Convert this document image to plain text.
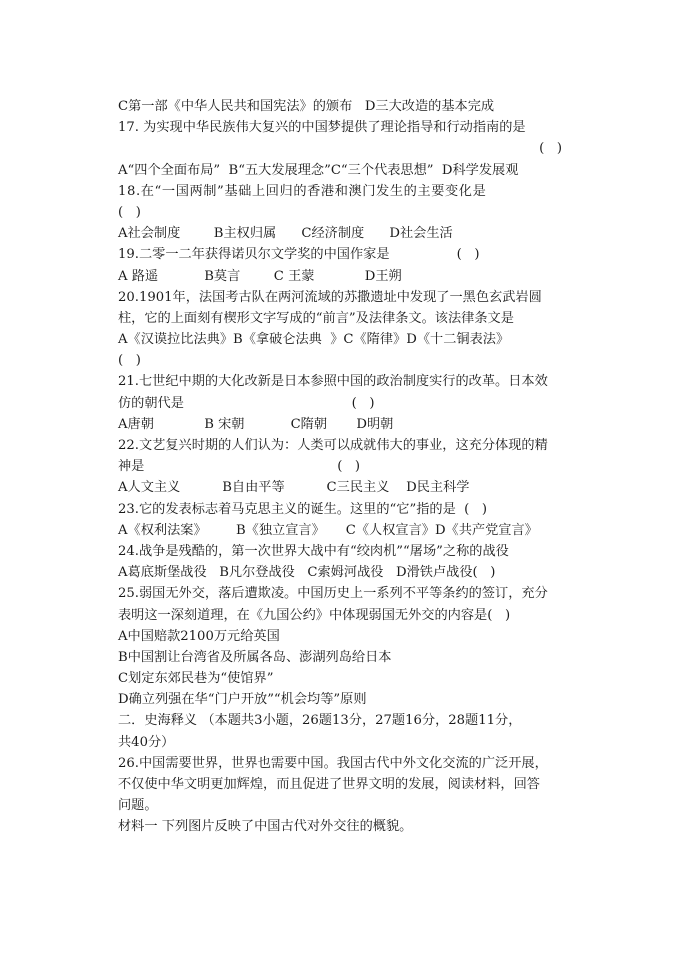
C第一部《中华人民共和国宪法》的颁布   D三大改造的基本完成
17. 为实现中华民族伟大复兴的中国梦提供了理论指导和行动指南的是
(   )
A“四个全面布局”  B“五大发展理念”C“三个代表思想”  D科学发展观
18.在“一国两制”基础上回归的香港和澳门发生的主要变化是
(   )
A社会制度        B主权归属      C经济制度      D社会生活
19.二零一二年获得诺贝尔文学奖的中国作家是                (   )
A 路遥           B莫言        C 王蒙            D王朔
20.1901年，法国考古队在两河流域的苏撒遗址中发现了一黑色玄武岩圆
柱，它的上面刻有楔形文字写成的“前言”及法律条文。该法律条文是
A《汉谟拉比法典》B《拿破仑法典  》C《隋律》D《十二铜表法》
(   )
21.七世纪中期的大化改新是日本参照中国的政治制度实行的改革。日本效
仿的朝代是                                        (   )
A唐朝            B 宋朝           C隋朝       D明朝
22.文艺复兴时期的人们认为：人类可以成就伟大的事业，这充分体现的精
神是                                              (   )
A人文主义          B自由平等          C三民主义    D民主科学
23.它的发表标志着马克思主义的诞生。这里的“它”指的是  (   )
A《权利法案》       B《独立宣言》     C《人权宣言》D《共产党宣言》
24.战争是残酷的，第一次世界大战中有“绞肉机”“屠场”之称的战役
A葛底斯堡战役   B凡尔登战役   C索姆河战役   D滑铁卢战役(   )
25.弱国无外交，落后遭欺凌。中国历史上一系列不平等条约的签订，充分
表明这一深刻道理，在《九国公约》中体现弱国无外交的内容是(   )
A中国赔款2100万元给英国
B中国割让台湾省及所属各岛、澎湖列岛给日本
C划定东郊民巷为“使馆界”
D确立列强在华“门户开放”“机会均等”原则
二．史海释义 （本题共3小题，26题13分，27题16分，28题11分，
共40分）
26.中国需要世界，世界也需要中国。我国古代中外文化交流的广泛开展，
不仅使中华文明更加辉煌，而且促进了世界文明的发展，阅读材料，回答
问题。
材料一 下列图片反映了中国古代对外交往的概貌。
